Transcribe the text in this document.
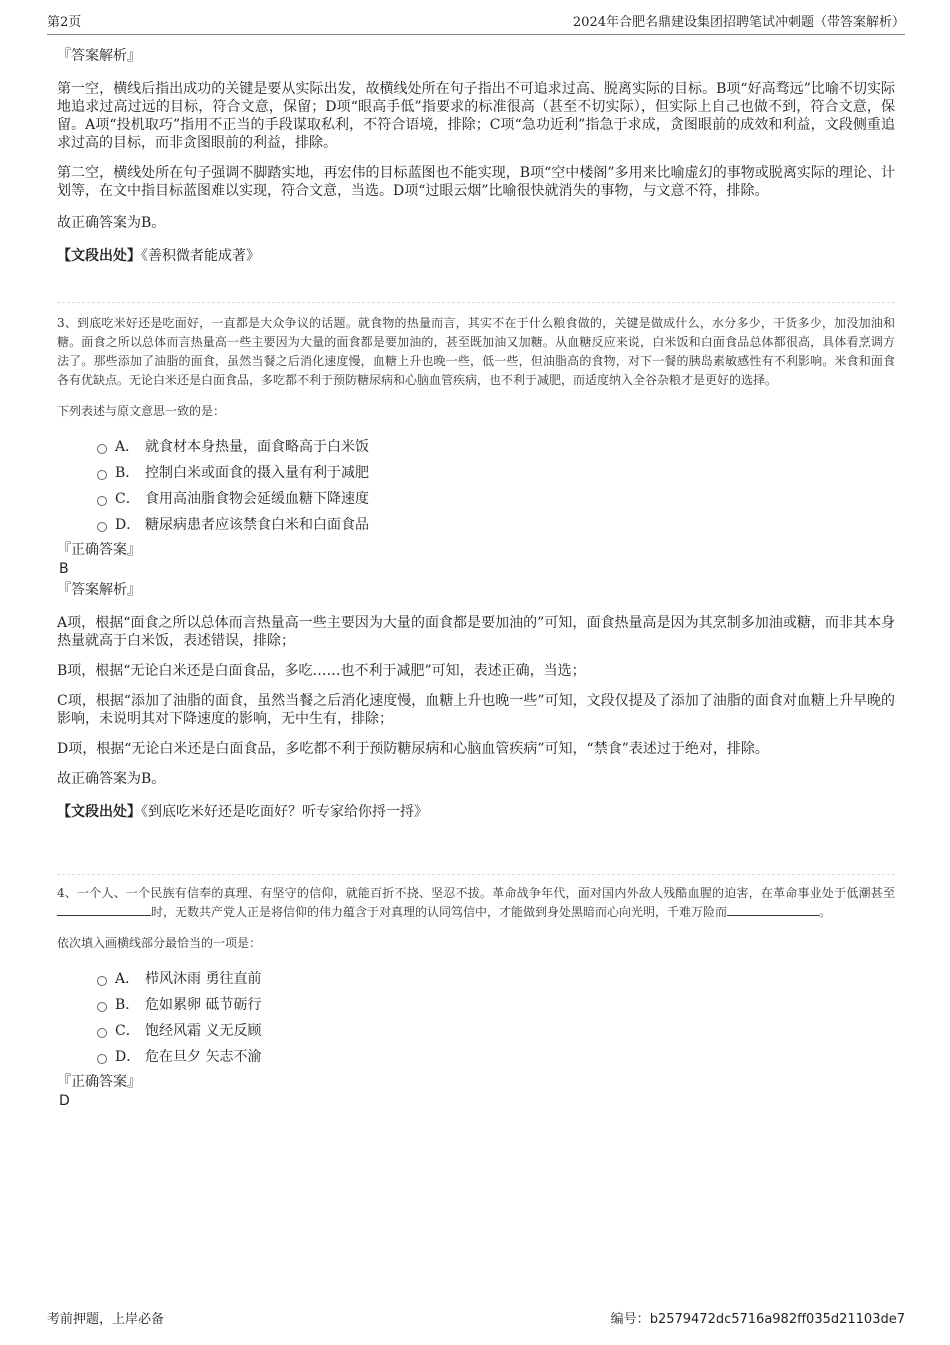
第2页	2024年合肥名鼎建设集团招聘笔试冲刺题（带答案解析）

『答案解析』

第一空，横线后指出成功的关键是要从实际出发，故横线处所在句子指出不可追求过高、脱离实际的目标。B项“好高骛远”比喻不切实际地追求过高过远的目标，符合文意，保留；D项“眼高手低”指要求的标准很高（甚至不切实际），但实际上自己也做不到，符合文意，保留。A项“投机取巧”指用不正当的手段谋取私利，不符合语境，排除；C项“急功近利”指急于求成，贪图眼前的成效和利益，文段侧重追求过高的目标，而非贪图眼前的利益，排除。

第二空，横线处所在句子强调不脚踏实地，再宏伟的目标蓝图也不能实现，B项“空中楼阁”多用来比喻虚幻的事物或脱离实际的理论、计划等，在文中指目标蓝图难以实现，符合文意，当选。D项“过眼云烟”比喻很快就消失的事物，与文意不符，排除。

故正确答案为B。

【文段出处】《善积微者能成著》

3、到底吃米好还是吃面好，一直都是大众争议的话题。就食物的热量而言，其实不在于什么粮食做的，关键是做成什么，水分多少，干货多少，加没加油和糖。面食之所以总体而言热量高一些主要因为大量的面食都是要加油的，甚至既加油又加糖。从血糖反应来说，白米饭和白面食品总体都很高，具体看烹调方法了。那些添加了油脂的面食，虽然当餐之后消化速度慢，血糖上升也晚一些，低一些，但油脂高的食物，对下一餐的胰岛素敏感性有不利影响。米食和面食各有优缺点。无论白米还是白面食品，多吃都不利于预防糖尿病和心脑血管疾病，也不利于减肥，而适度纳入全谷杂粮才是更好的选择。

下列表述与原文意思一致的是：

A． 就食材本身热量，面食略高于白米饭
B． 控制白米或面食的摄入量有利于减肥
C． 食用高油脂食物会延缓血糖下降速度
D． 糖尿病患者应该禁食白米和白面食品

『正确答案』

B

『答案解析』

A项，根据“面食之所以总体而言热量高一些主要因为大量的面食都是要加油的”可知，面食热量高是因为其烹制多加油或糖，而非其本身热量就高于白米饭，表述错误，排除；

B项，根据“无论白米还是白面食品，多吃……也不利于减肥”可知，表述正确，当选；

C项，根据“添加了油脂的面食，虽然当餐之后消化速度慢，血糖上升也晚一些”可知，文段仅提及了添加了油脂的面食对血糖上升早晚的影响，未说明其对下降速度的影响，无中生有，排除；

D项，根据“无论白米还是白面食品，多吃都不利于预防糖尿病和心脑血管疾病”可知，“禁食”表述过于绝对，排除。

故正确答案为B。

【文段出处】《到底吃米好还是吃面好？听专家给你捋一捋》

4、一个人、一个民族有信奉的真理、有坚守的信仰，就能百折不挠、坚忍不拔。革命战争年代，面对国内外敌人残酷血腥的迫害，在革命事业处于低潮甚至时，无数共产党人正是将信仰的伟力蕴含于对真理的认同笃信中，才能做到身处黑暗而心向光明，千难万险而	。

依次填入画横线部分最恰当的一项是：

A． 栉风沐雨 勇往直前
B． 危如累卵 砥节砺行
C． 饱经风霜 义无反顾
D． 危在旦夕 矢志不渝

『正确答案』

D

考前押题，上岸必备	编号：b2579472dc5716a982ff035d21103de7
